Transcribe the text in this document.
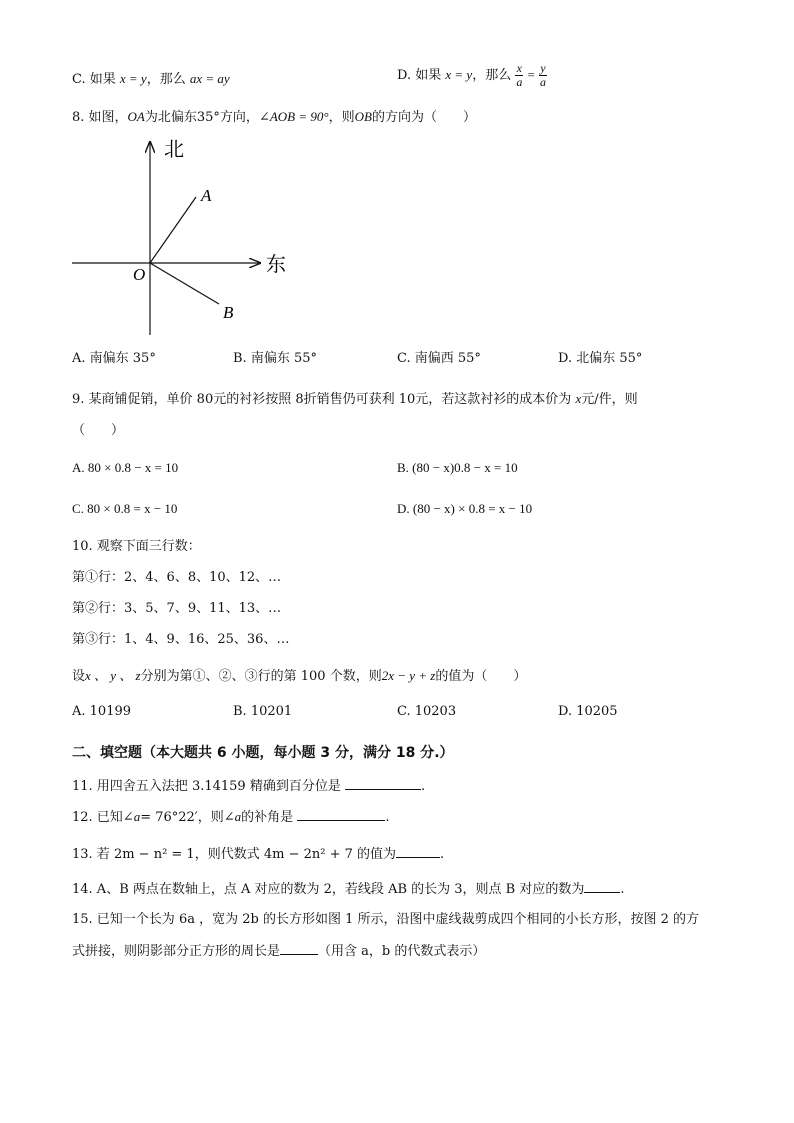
C. 如果 x = y，那么 ax = ay	D. 如果 x = y，那么 $\frac{x}{a} = \frac{y}{a}$
8. 如图，OA为北偏东35°方向，∠AOB = 90°，则OB的方向为（　　）
北
东
A
B
O
A. 南偏东 35°	B. 南偏东 55°	C. 南偏西 55°	D. 北偏东 55°
9. 某商铺促销，单价 80元的衬衫按照 8折销售仍可获利 10元，若这款衬衫的成本价为 x元/件，则
（　　）
A. 80 × 0.8 − x = 10	B. (80 − x)0.8 − x = 10
C. 80 × 0.8 = x − 10	D. (80 − x) × 0.8 = x − 10
10. 观察下面三行数：
第①行：2、4、6、8、10、12、…
第②行：3、5、7、9、11、13、…
第③行：1、4、9、16、25、36、…
设x 、 y 、 z分别为第①、②、③行的第 100 个数，则2x − y + z的值为（　　）
A. 10199	B. 10201	C. 10203	D. 10205
二、填空题（本大题共 6 小题，每小题 3 分，满分 18 分.）
11. 用四舍五入法把 3.14159 精确到百分位是	.
12. 已知∠a= 76°22′，则∠a的补角是	.
13. 若 2m − n² = 1，则代数式 4m − 2n² + 7 的值为	.
14. A、B 两点在数轴上，点 A 对应的数为 2，若线段 AB 的长为 3，则点 B 对应的数为	.
15. 已知一个长为 6a ，宽为 2b 的长方形如图 1 所示，沿图中虚线裁剪成四个相同的小长方形，按图 2 的方
式拼接，则阴影部分正方形的周长是	（用含 a，b 的代数式表示）
